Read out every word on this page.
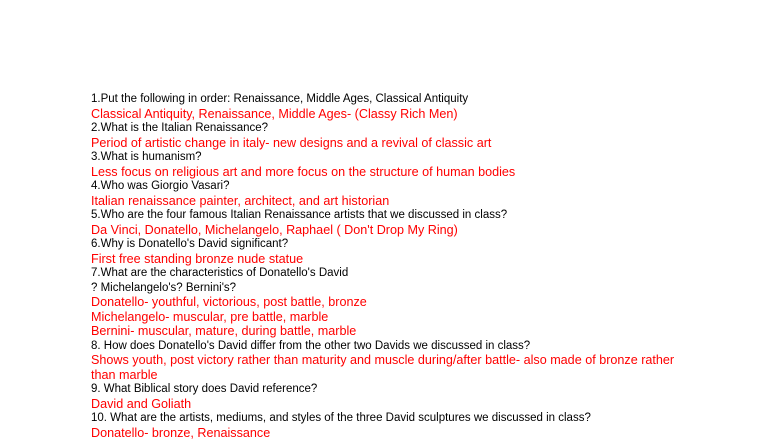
1.Put the following in order: Renaissance, Middle Ages, Classical Antiquity

Classical Antiquity, Renaissance, Middle Ages- (Classy Rich Men)

2.What is the Italian Renaissance?

Period of artistic change in italy- new designs and a revival of classic art

3.What is humanism?

Less focus on religious art and more focus on the structure of human bodies

4.Who was Giorgio Vasari?

Italian renaissance painter, architect, and art historian

5.Who are the four famous Italian Renaissance artists that we discussed in class?

Da Vinci, Donatello, Michelangelo, Raphael ( Don't Drop My Ring)

6.Why is Donatello's David significant?

First free standing bronze nude statue

7.What are the characteristics of Donatello's David

? Michelangelo's? Bernini's?

Donatello- youthful, victorious, post battle, bronze

Michelangelo- muscular, pre battle, marble

Bernini- muscular, mature, during battle, marble

8. How does Donatello's David differ from the other two Davids we discussed in class?

Shows youth, post victory rather than maturity and muscle during/after battle- also made of bronze rather than marble

9. What Biblical story does David reference?

David and Goliath

10. What are the artists, mediums, and styles of the three David sculptures we discussed in class?

Donatello- bronze, Renaissance
